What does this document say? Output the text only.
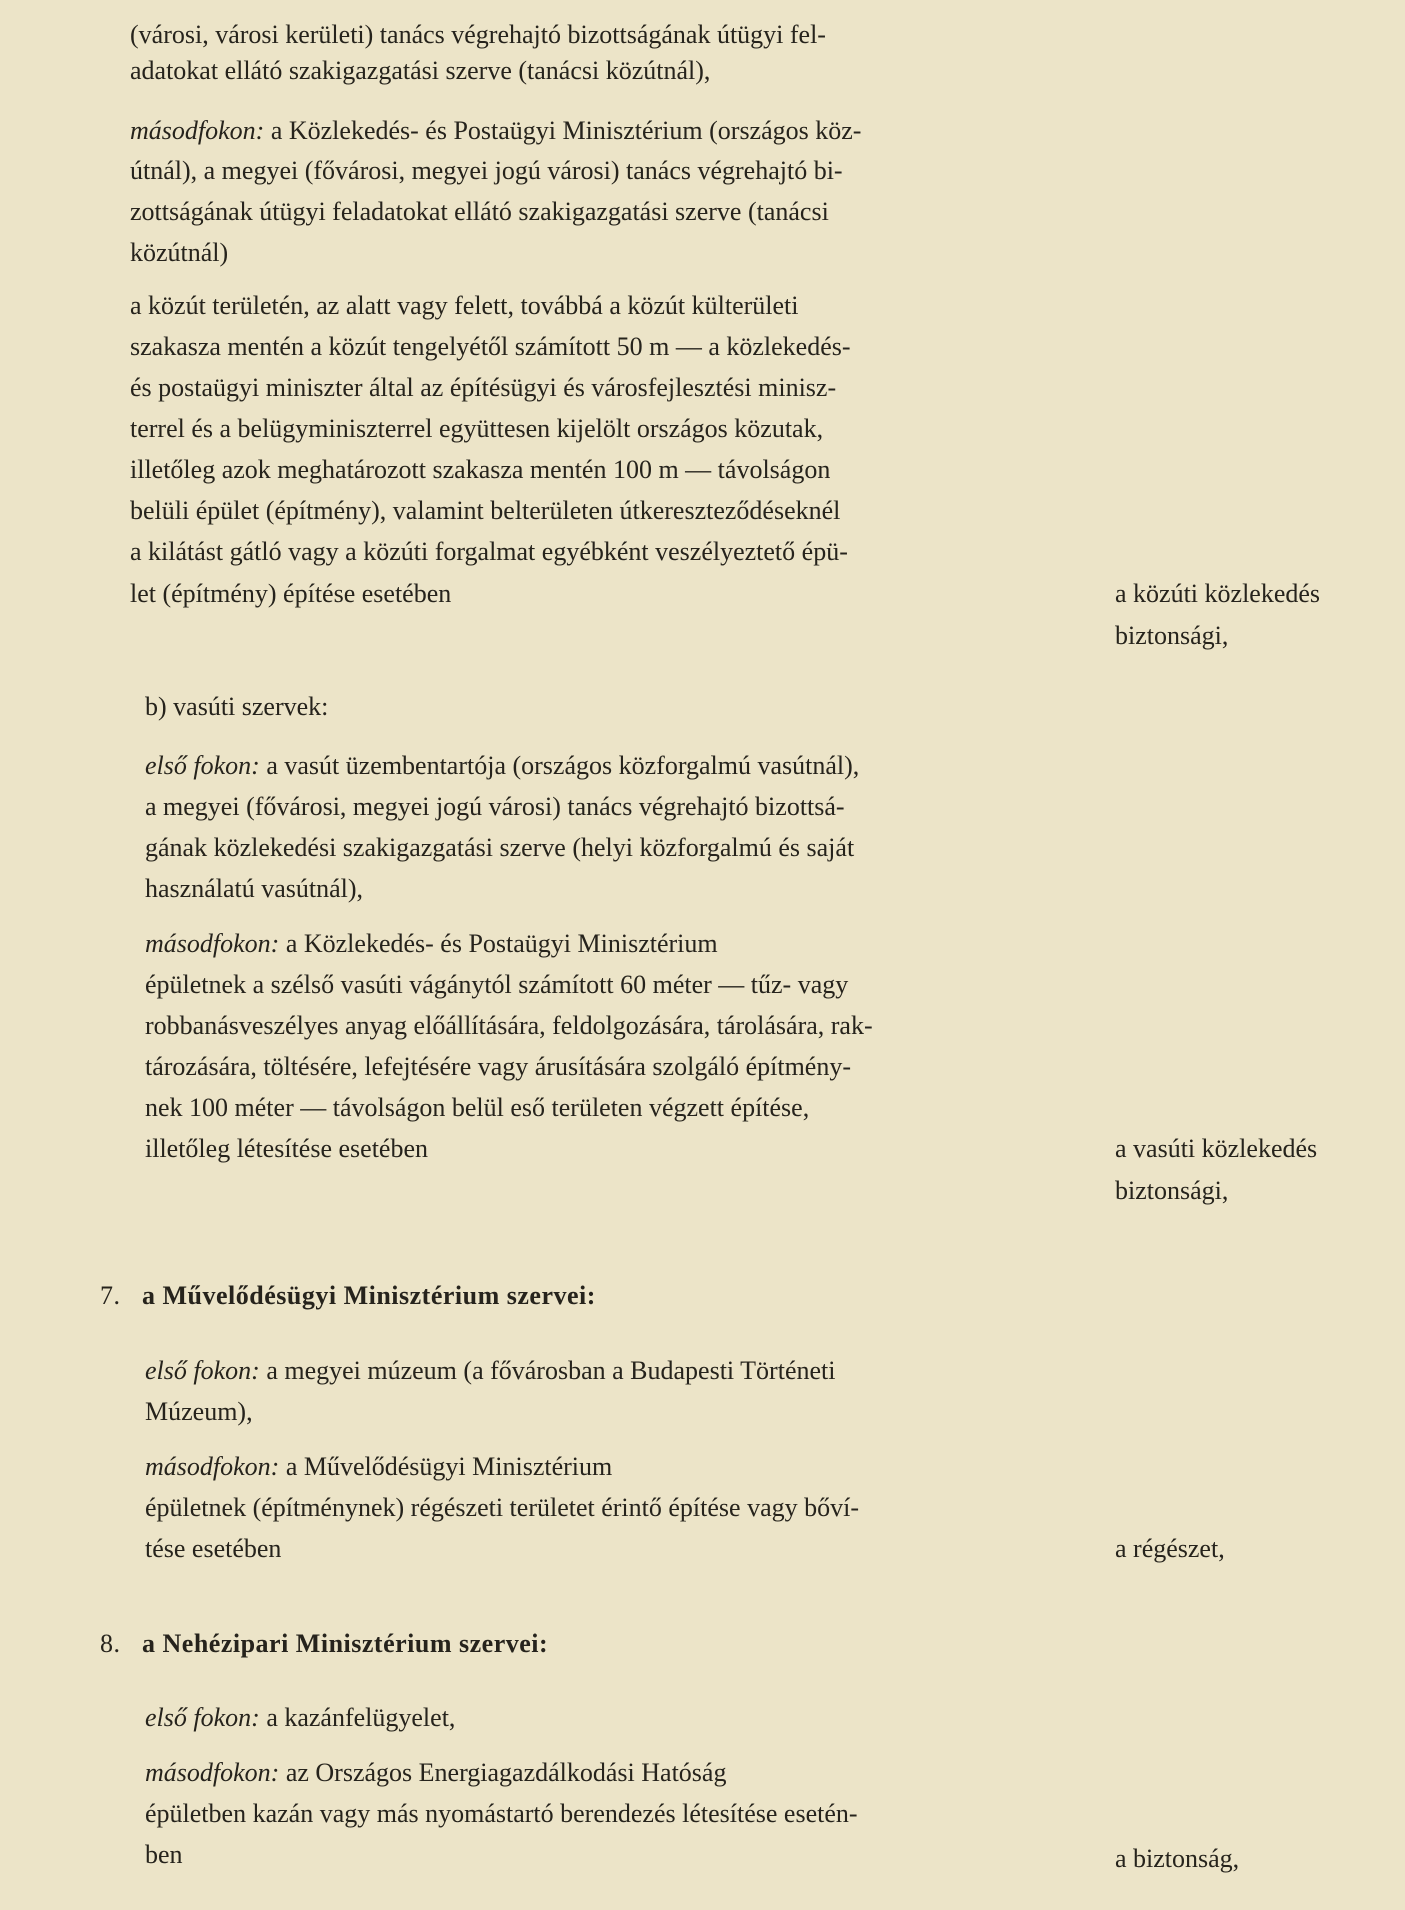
(városi, városi kerületi) tanács végrehajtó bizottságának útügyi fel-
adatokat ellátó szakigazgatási szerve (tanácsi közútnál),
másodfokon: a Közlekedés- és Postaügyi Minisztérium (országos köz-
útnál), a megyei (fővárosi, megyei jogú városi) tanács végrehajtó bi-
zottságának útügyi feladatokat ellátó szakigazgatási szerve (tanácsi
közútnál)
a közút területén, az alatt vagy felett, továbbá a közút külterületi
szakasza mentén a közút tengelyétől számított 50 m — a közlekedés-
és postaügyi miniszter által az építésügyi és városfejlesztési minisz-
terrel és a belügyminiszterrel együttesen kijelölt országos közutak,
illetőleg azok meghatározott szakasza mentén 100 m — távolságon
belüli épület (építmény), valamint belterületen útkereszteződéseknél
a kilátást gátló vagy a közúti forgalmat egyébként veszélyeztető épü-
let (építmény) építése esetében	a közúti közlekedés
biztonsági,
b) vasúti szervek:
első fokon: a vasút üzembentartója (országos közforgalmú vasútnál),
a megyei (fővárosi, megyei jogú városi) tanács végrehajtó bizottsá-
gának közlekedési szakigazgatási szerve (helyi közforgalmú és saját
használatú vasútnál),
másodfokon: a Közlekedés- és Postaügyi Minisztérium
épületnek a szélső vasúti vágánytól számított 60 méter — tűz- vagy
robbanásveszélyes anyag előállítására, feldolgozására, tárolására, rak-
tározására, töltésére, lefejtésére vagy árusítására szolgáló építmény-
nek 100 méter — távolságon belül eső területen végzett építése,
illetőleg létesítése esetében	a vasúti közlekedés
biztonsági,
7. a Művelődésügyi Minisztérium szervei:
első fokon: a megyei múzeum (a fővárosban a Budapesti Történeti
Múzeum),
másodfokon: a Művelődésügyi Minisztérium
épületnek (építménynek) régészeti területet érintő építése vagy bőví-
tése esetében	a régészet,
8. a Nehézipari Minisztérium szervei:
első fokon: a kazánfelügyelet,
másodfokon: az Országos Energiagazdálkodási Hatóság
épületben kazán vagy más nyomástartó berendezés létesítése esetén-
ben	a biztonság,
